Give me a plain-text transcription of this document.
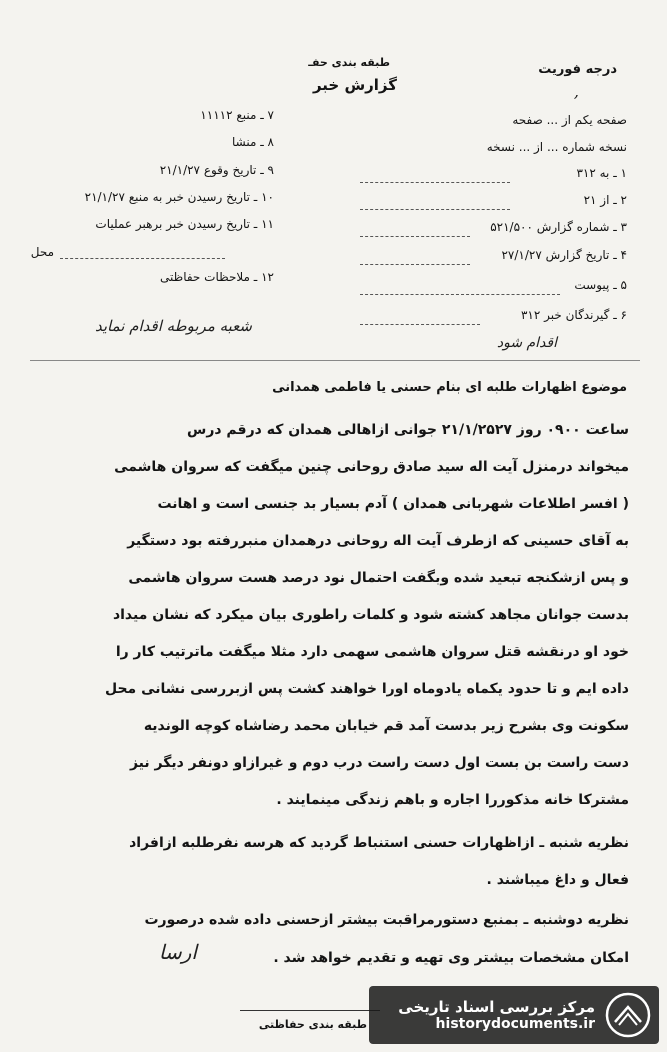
طبقه بندی حفـ
گزارش خبر
درجه فوریت
,
صفحه یکم از ... صفحه
نسخه شماره ... از ... نسخه
۱ ـ به ۳۱۲
۲ ـ از ۲۱
۳ ـ شماره گزارش ۵۲۱/۵۰۰
۴ ـ تاریخ گزارش ۲۷/۱/۲۷
۵ ـ پیوست
۶ ـ گیرندگان خبر ۳۱۲
۷ ـ منبع ۱۱۱۱۲
۸ ـ منشا
۹ ـ تاریخ وقوع ۲۱/۱/۲۷
۱۰ ـ تاریخ رسیدن خبر به منبع ۲۱/۱/۲۷
۱۱ ـ تاریخ رسیدن خبر برهبر عملیات
محل
۱۲ ـ ملاحظات حفاظتی
شعبه مربوطه اقدام نماید
اقدام شود
موضوع اظهارات طلبه ای بنام حسنی یا فاطمی همدانی
ساعت ۰۹۰۰ روز ۲۱/۱/۲۵۲۷ جوانی ازاهالی همدان که درقم درس
میخواند درمنزل آیت اله سید صادق روحانی چنین میگفت که سروان هاشمی
( افسر اطلاعات شهربانی همدان ) آدم بسیار بد جنسی است و اهانت
به آقای حسینی که ازطرف آیت اله روحانی درهمدان منبررفته بود دستگیر
و پس ازشکنجه تبعید شده وبگفت احتمال نود درصد هست سروان هاشمی
بدست جوانان مجاهد کشته شود و کلمات راطوری بیان میکرد که نشان میداد
خود او درنقشه قتل سروان هاشمی سهمی دارد مثلا میگفت ماترتیب کار را
داده ایم و تا حدود یکماه یادوماه اورا خواهند کشت پس ازبررسی نشانی محل
سکونت وی بشرح زیر بدست آمد قم خیابان محمد رضاشاه کوچه الوندیه
دست راست بن بست اول دست راست درب دوم و غیرازاو دونفر دیگر نیز
مشترکا خانه مذکوررا اجاره و باهم زندگی مینمایند .
نظریه شنبه ـ ازاظهارات حسنی استنباط گردید که هرسه نفرطلبه ازافراد
فعال و داغ میباشند .
نظریه دوشنبه ـ بمنبع دستورمراقبت بیشتر ازحسنی داده شده درصورت
امکان مشخصات بیشتر وی تهیه و تقدیم خواهد شد .
ارسا
طبقه بندی حفاظتی
مرکز بررسی اسناد تاریخی
historydocuments.ir
